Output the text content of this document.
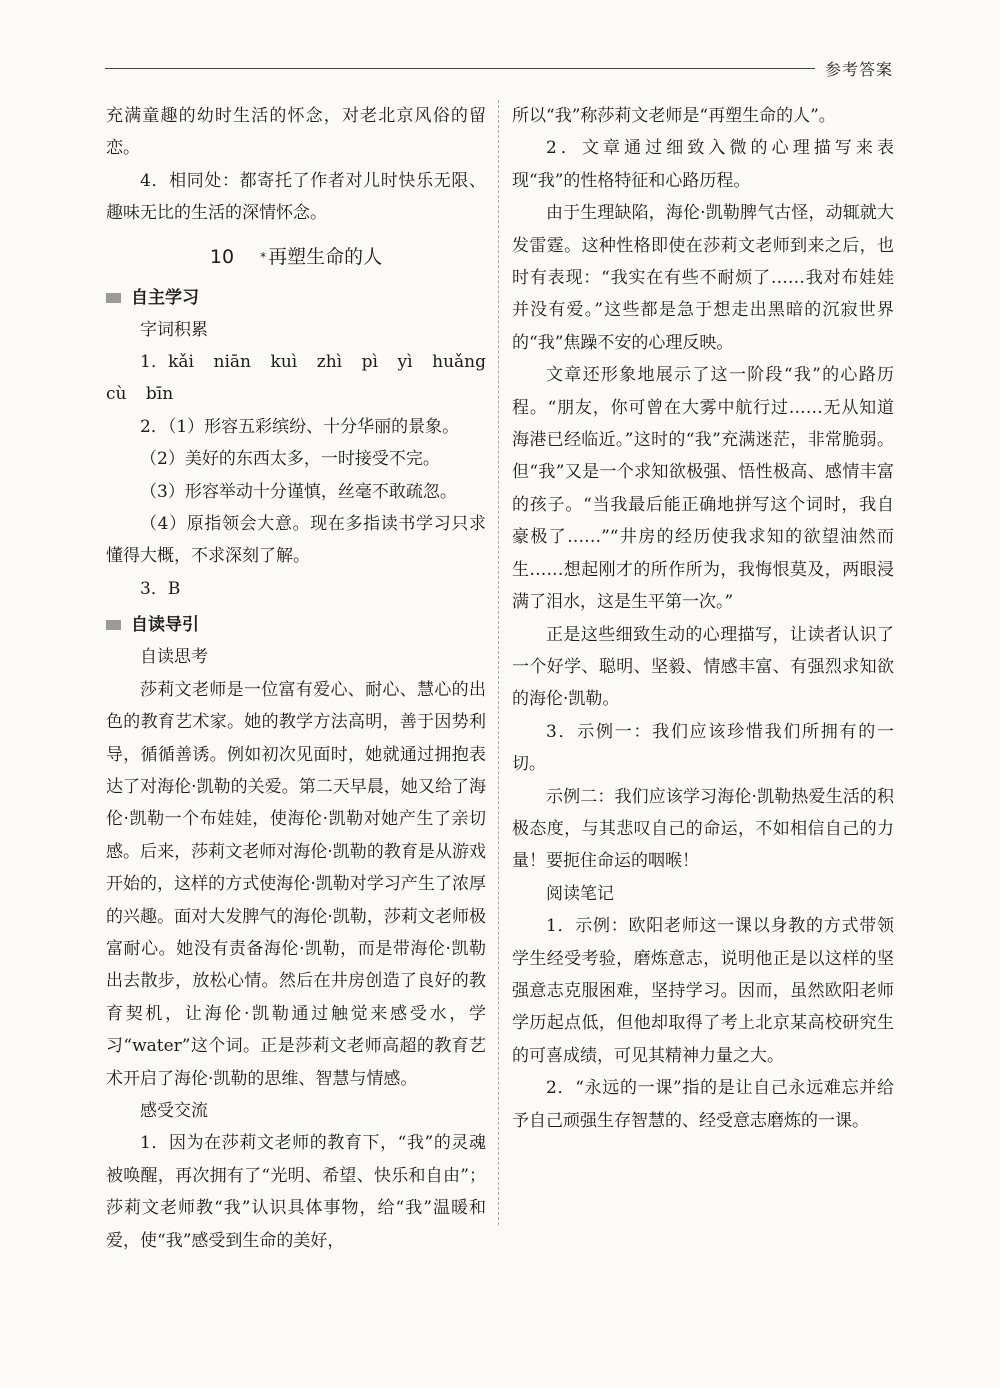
参考答案

充满童趣的幼时生活的怀念，对老北京风俗的留恋。

4．相同处：都寄托了作者对儿时快乐无限、趣味无比的生活的深情怀念。

10 * 再塑生命的人
自主学习

字词积累

1．kǎi niān kuì zhì pì yì huǎng cù bīn

2．（1）形容五彩缤纷、十分华丽的景象。

（2）美好的东西太多，一时接受不完。

（3）形容举动十分谨慎，丝毫不敢疏忽。

（4）原指领会大意。现在多指读书学习只求懂得大概，不求深刻了解。

3．B

自读导引

自读思考

莎莉文老师是一位富有爱心、耐心、慧心的出色的教育艺术家。她的教学方法高明，善于因势利导，循循善诱。例如初次见面时，她就通过拥抱表达了对海伦·凯勒的关爱。第二天早晨，她又给了海伦·凯勒一个布娃娃，使海伦·凯勒对她产生了亲切感。后来，莎莉文老师对海伦·凯勒的教育是从游戏开始的，这样的方式使海伦·凯勒对学习产生了浓厚的兴趣。面对大发脾气的海伦·凯勒，莎莉文老师极富耐心。她没有责备海伦·凯勒，而是带海伦·凯勒出去散步，放松心情。然后在井房创造了良好的教育契机，让海伦·凯勒通过触觉来感受水，学习“water”这个词。正是莎莉文老师高超的教育艺术开启了海伦·凯勒的思维、智慧与情感。

感受交流

1．因为在莎莉文老师的教育下，“我”的灵魂被唤醒，再次拥有了“光明、希望、快乐和自由”；莎莉文老师教“我”认识具体事物，给“我”温暖和爱，使“我”感受到生命的美好，

所以“我”称莎莉文老师是“再塑生命的人”。

2．文章通过细致入微的心理描写来表现“我”的性格特征和心路历程。

由于生理缺陷，海伦·凯勒脾气古怪，动辄就大发雷霆。这种性格即使在莎莉文老师到来之后，也时有表现：“我实在有些不耐烦了……我对布娃娃并没有爱。”这些都是急于想走出黑暗的沉寂世界的“我”焦躁不安的心理反映。

文章还形象地展示了这一阶段“我”的心路历程。“朋友，你可曾在大雾中航行过……无从知道海港已经临近。”这时的“我”充满迷茫，非常脆弱。但“我”又是一个求知欲极强、悟性极高、感情丰富的孩子。“当我最后能正确地拼写这个词时，我自豪极了……”“井房的经历使我求知的欲望油然而生……想起刚才的所作所为，我悔恨莫及，两眼浸满了泪水，这是生平第一次。”

正是这些细致生动的心理描写，让读者认识了一个好学、聪明、坚毅、情感丰富、有强烈求知欲的海伦·凯勒。

3．示例一：我们应该珍惜我们所拥有的一切。

示例二：我们应该学习海伦·凯勒热爱生活的积极态度，与其悲叹自己的命运，不如相信自己的力量！要扼住命运的咽喉！

阅读笔记

1．示例：欧阳老师这一课以身教的方式带领学生经受考验，磨炼意志，说明他正是以这样的坚强意志克服困难，坚持学习。因而，虽然欧阳老师学历起点低，但他却取得了考上北京某高校研究生的可喜成绩，可见其精神力量之大。

2．“永远的一课”指的是让自己永远难忘并给予自己顽强生存智慧的、经受意志磨炼的一课。
